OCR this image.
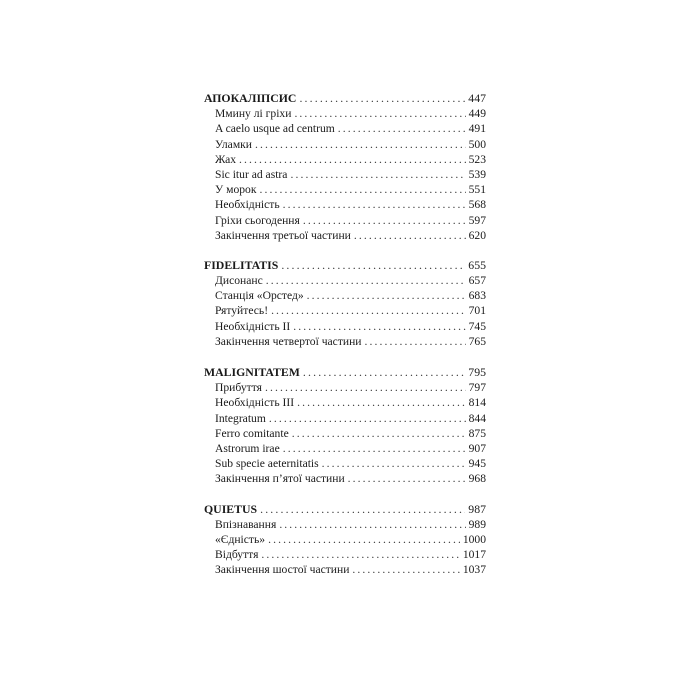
АПОКАЛІПСИС . . .	447
Ммину лі гріхи . . .	449
A caelo usque ad centrum . . .	491
Уламки . . .	500
Жах . . .	523
Sic itur ad astra . . .	539
У морок . . .	551
Необхідність . . .	568
Гріхи сьогодення . . .	597
Закінчення третьої частини . . .	620
FIDELITATIS . . .	655
Дисонанс . . .	657
Станція «Орстед» . . .	683
Рятуйтесь! . . .	701
Необхідність ІІ . . .	745
Закінчення четвертої частини . . .	765
MALIGNITATEM . . .	795
Прибуття . . .	797
Необхідність ІІІ . . .	814
Integratum . . .	844
Ferro comitante . . .	875
Astrorum irae . . .	907
Sub specie aeternitatis . . .	945
Закінчення п’ятої частини . . .	968
QUIETUS . . .	987
Впізнавання . . .	989
«Єдність» . . .	1000
Відбуття . . .	1017
Закінчення шостої частини . . .	1037
